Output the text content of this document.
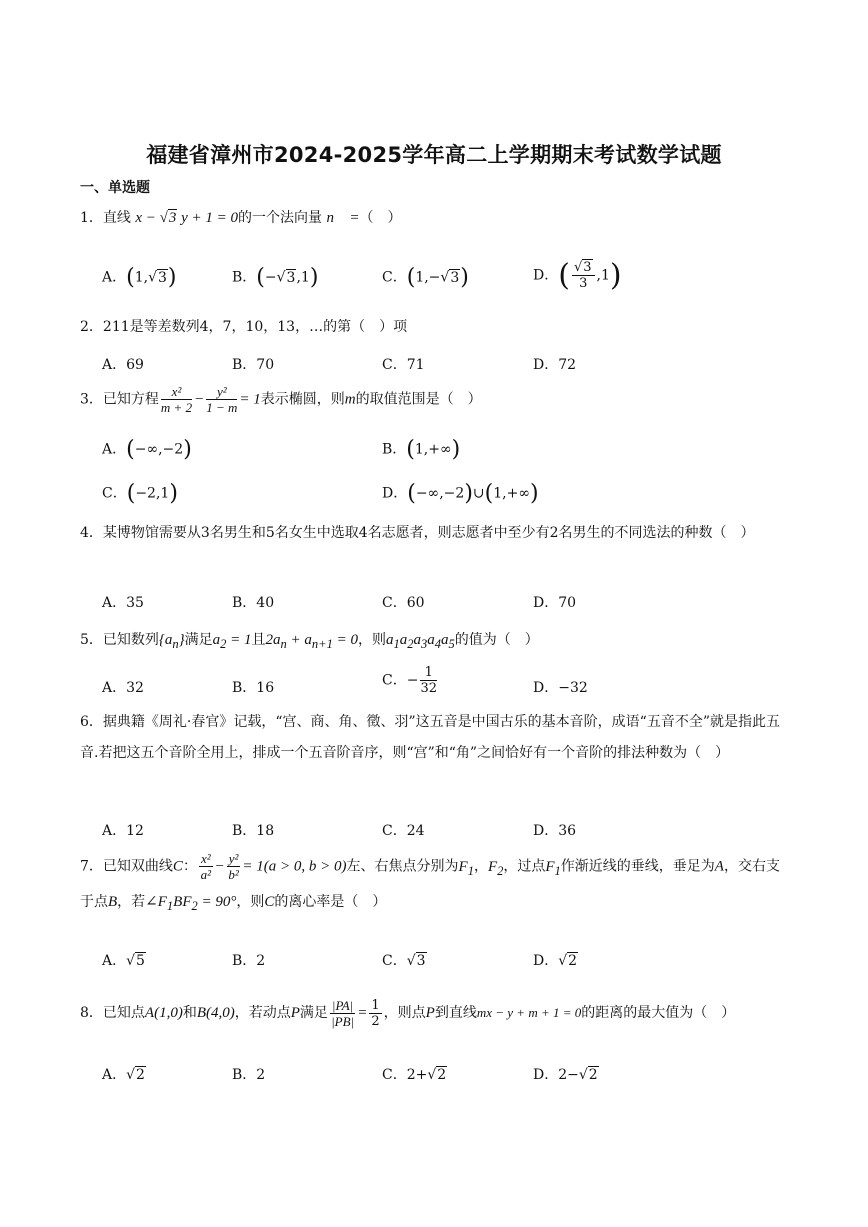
福建省漳州市2024-2025学年高二上学期期末考试数学试题
一、单选题
1．直线 x − √3 y + 1 = 0的一个法向量 n⃗ =（　）
A．(1,√3)	B．(−√3,1)	C．(1,−√3)	D．( $\frac{√3}{3} ,1$)
2．211是等差数列4，7，10，13，…的第（　）项
A．69	B．70	C．71	D．72
3．已知方程 $\frac{\text{x²}}{m + 2} - \frac{\text{y²}}{1 - m} = 1$表示椭圆，则m的取值范围是（　）
A．(−∞,−2)	B．(1,+∞)
C．(−2,1)	D．(−∞,−2)∪(1,+∞)
4．某博物馆需要从3名男生和5名女生中选取4名志愿者，则志愿者中至少有2名男生的不同选法的种数（　）
A．35	B．40	C．60	D．70
5．已知数列$\{a_n\}$满足$a_2 = 1$且$2a_n + a_{n+1} = 0$，则$a_1a_2a_3a_4a_5$的值为（　）
A．32	B．16	C．− $\frac{1}{32}$	D．−32
6．据典籍《周礼·春官》记载，“宫、商、角、徵、羽”这五音是中国古乐的基本音阶，成语“五音不全”就是指此五音.若把这五个音阶全用上，排成一个五音阶音序，则“宫”和“角”之间恰好有一个音阶的排法种数为（　）
A．12	B．18	C．24	D．36
7．已知双曲线C： $\frac{\text{x²}}{\text{a²}} - \frac{\text{y²}}{\text{b²}} = 1(a > 0$, b > 0)左、右焦点分别为$F_1$，$F_2$，过点$F_1$作渐近线的垂线，垂足为A，交右支于点B，若$\angle F_1BF_2 = 90^\circ$，则C的离心率是（　）
A．√5	B．2	C．√3	D．√2
8．已知点A(1,0)和B(4,0)，若动点P满足 $\frac{|PA|}{|PB|} = \frac{1}{2}$ ，则点P到直线mx − y + m + 1 = 0的距离的最大值为（　）
A．√2	B．2	C．2+√2	D．2−√2
